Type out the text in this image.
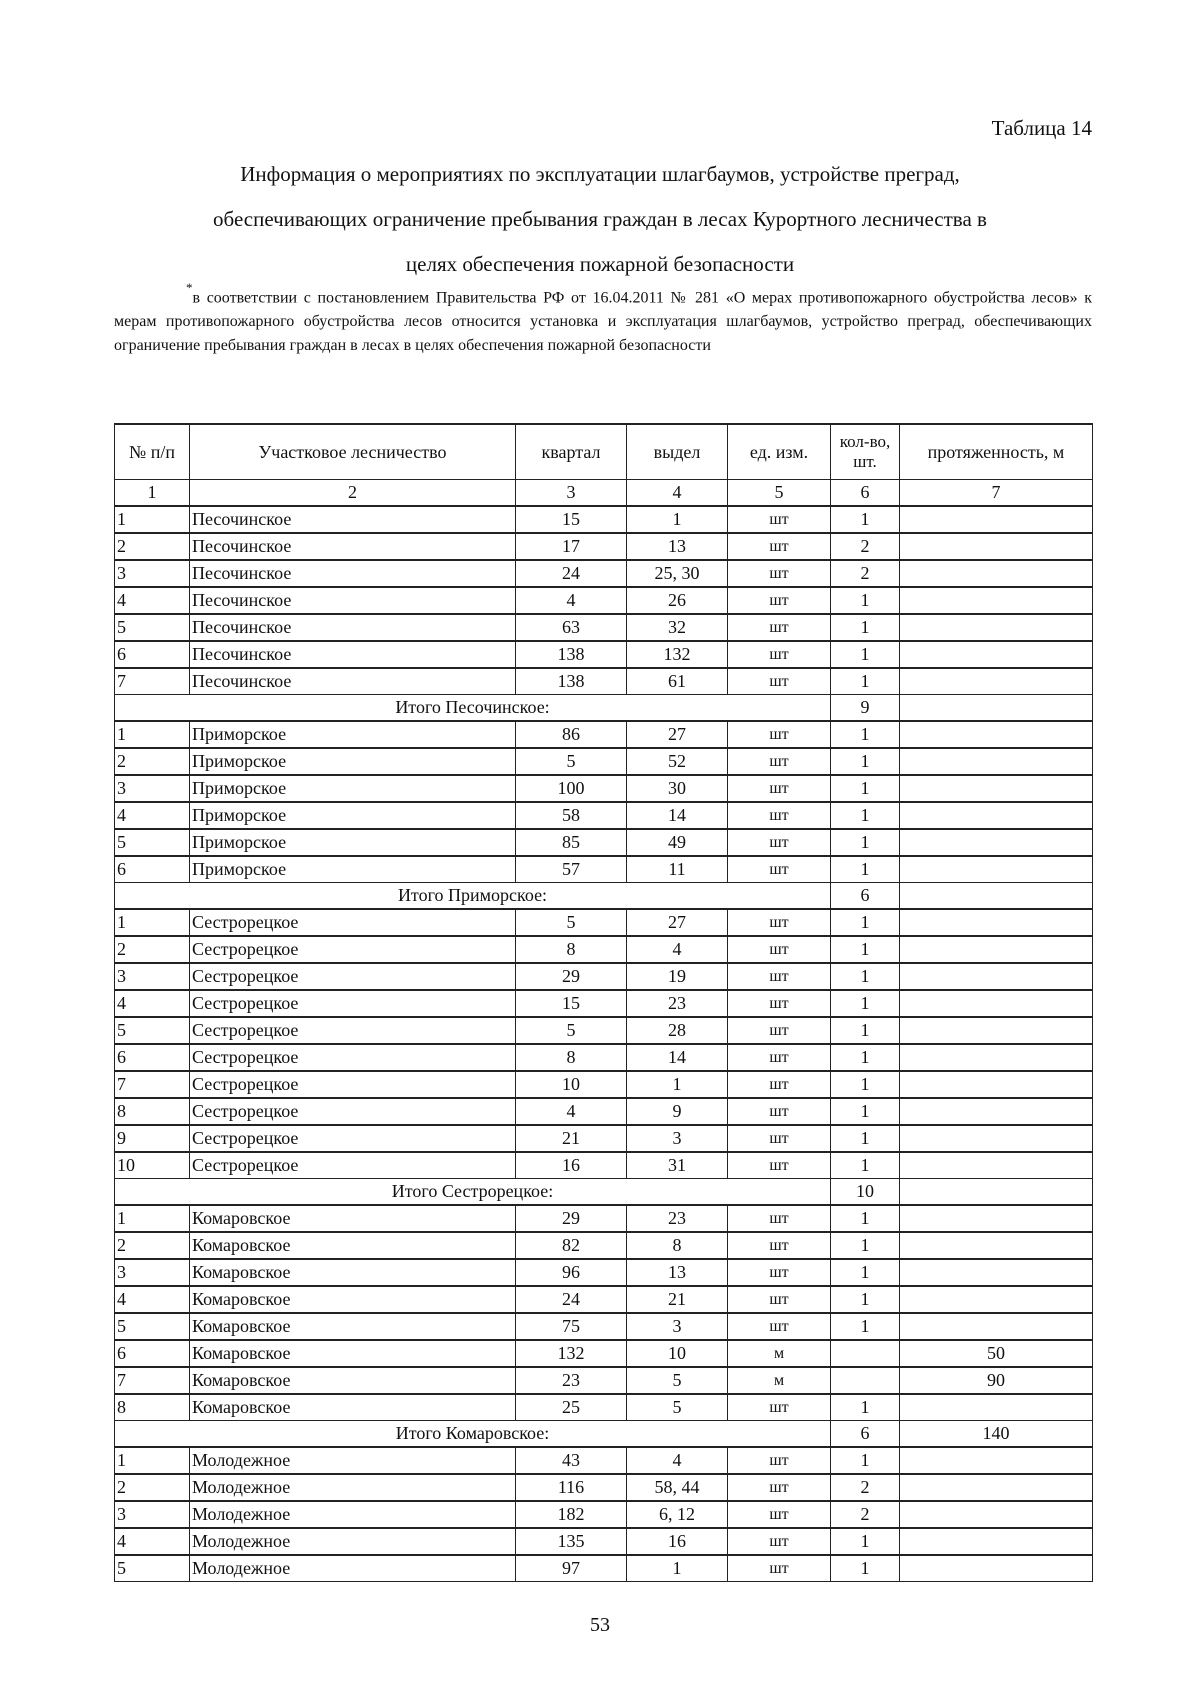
Таблица 14
Информация о мероприятиях по эксплуатации шлагбаумов, устройстве преград,
обеспечивающих ограничение пребывания граждан в лесах Курортного лесничества в
целях обеспечения пожарной безопасности
*в соответствии с постановлением Правительства РФ от 16.04.2011 № 281 «О мерах противопожарного обустройства лесов» к мерам противопожарного обустройства лесов относится установка и эксплуатация шлагбаумов, устройство преград, обеспечивающих ограничение пребывания граждан в лесах в целях обеспечения пожарной безопасности
№ п/п	Участковое лесничество	квартал	выдел	ед. изм.	кол-во, шт.	протяженность, м
1	2	3	4	5	6	7
1	Песочинское	15	1	шт	1	
2	Песочинское	17	13	шт	2	
3	Песочинское	24	25, 30	шт	2	
4	Песочинское	4	26	шт	1	
5	Песочинское	63	32	шт	1	
6	Песочинское	138	132	шт	1	
7	Песочинское	138	61	шт	1	
Итого Песочинское:					9	
1	Приморское	86	27	шт	1	
2	Приморское	5	52	шт	1	
3	Приморское	100	30	шт	1	
4	Приморское	58	14	шт	1	
5	Приморское	85	49	шт	1	
6	Приморское	57	11	шт	1	
Итого Приморское:					6	
1	Сестрорецкое	5	27	шт	1	
2	Сестрорецкое	8	4	шт	1	
3	Сестрорецкое	29	19	шт	1	
4	Сестрорецкое	15	23	шт	1	
5	Сестрорецкое	5	28	шт	1	
6	Сестрорецкое	8	14	шт	1	
7	Сестрорецкое	10	1	шт	1	
8	Сестрорецкое	4	9	шт	1	
9	Сестрорецкое	21	3	шт	1	
10	Сестрорецкое	16	31	шт	1	
Итого Сестрорецкое:					10	
1	Комаровское	29	23	шт	1	
2	Комаровское	82	8	шт	1	
3	Комаровское	96	13	шт	1	
4	Комаровское	24	21	шт	1	
5	Комаровское	75	3	шт	1	
6	Комаровское	132	10	м		50
7	Комаровское	23	5	м		90
8	Комаровское	25	5	шт	1	
Итого Комаровское:					6	140
1	Молодежное	43	4	шт	1	
2	Молодежное	116	58, 44	шт	2	
3	Молодежное	182	6, 12	шт	2	
4	Молодежное	135	16	шт	1	
5	Молодежное	97	1	шт	1	
53
